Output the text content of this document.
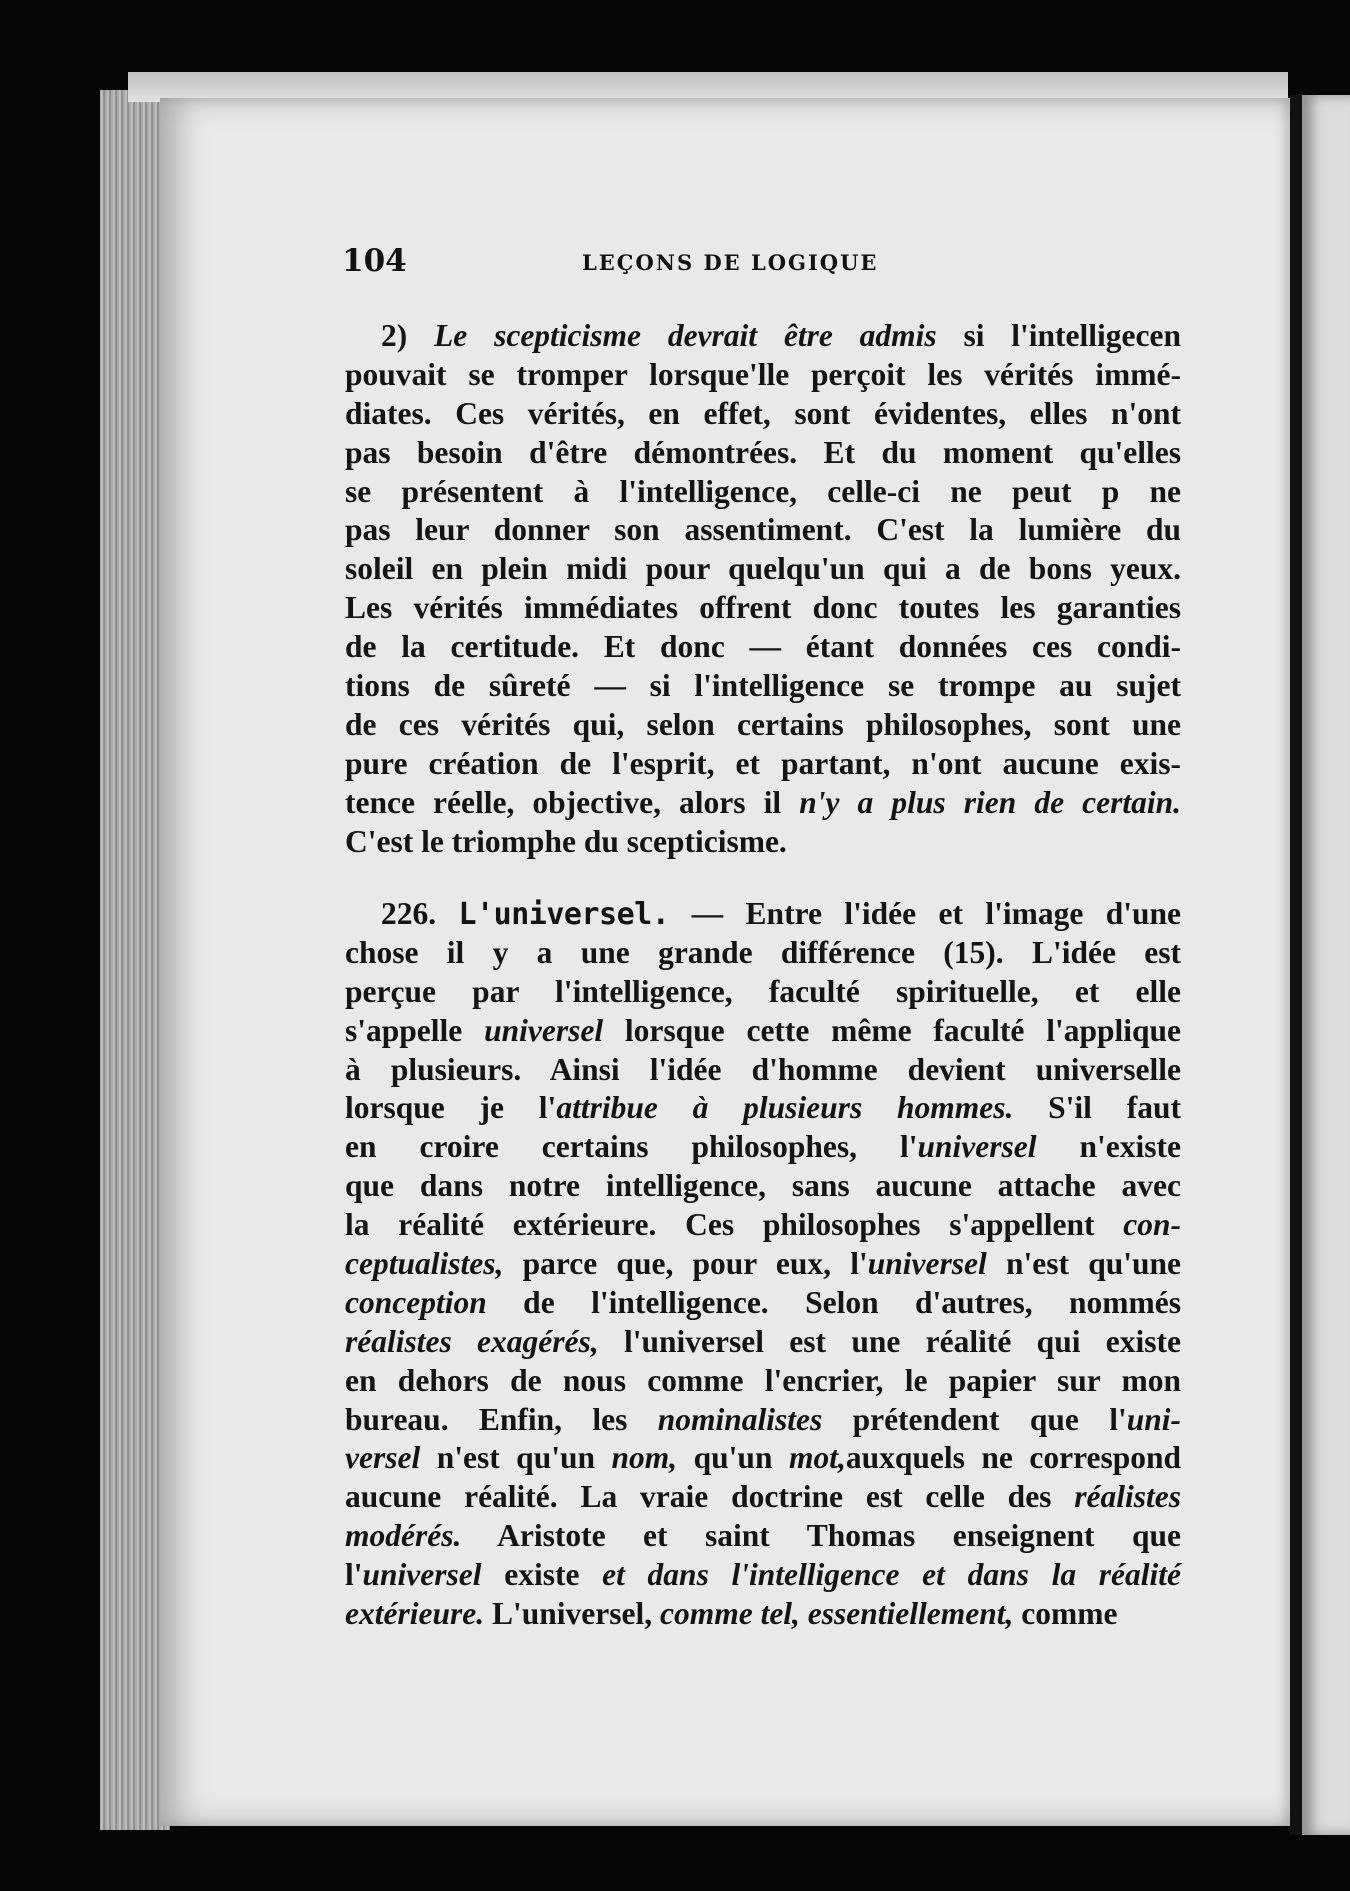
104	LEÇONS DE LOGIQUE
2) Le scepticisme devrait être admis si l'intelligecen
pouvait se tromper lorsque'lle perçoit les vérités immé-
diates. Ces vérités, en effet, sont évidentes, elles n'ont
pas besoin d'être démontrées. Et du moment qu'elles
se présentent à l'intelligence, celle-ci ne peut p ne
pas leur donner son assentiment. C'est la lumière du
soleil en plein midi pour quelqu'un qui a de bons yeux.
Les vérités immédiates offrent donc toutes les garanties
de la certitude. Et donc — étant données ces condi-
tions de sûreté — si l'intelligence se trompe au sujet
de ces vérités qui, selon certains philosophes, sont une
pure création de l'esprit, et partant, n'ont aucune exis-
tence réelle, objective, alors il n'y a plus rien de certain.
C'est le triomphe du scepticisme.
226. L'universel. — Entre l'idée et l'image d'une
chose il y a une grande différence (15). L'idée est
perçue par l'intelligence, faculté spirituelle, et elle
s'appelle universel lorsque cette même faculté l'applique
à plusieurs. Ainsi l'idée d'homme devient universelle
lorsque je l'attribue à plusieurs hommes. S'il faut
en croire certains philosophes, l'universel n'existe
que dans notre intelligence, sans aucune attache avec
la réalité extérieure. Ces philosophes s'appellent con-
ceptualistes, parce que, pour eux, l'universel n'est qu'une
conception de l'intelligence. Selon d'autres, nommés
réalistes exagérés, l'universel est une réalité qui existe
en dehors de nous comme l'encrier, le papier sur mon
bureau. Enfin, les nominalistes prétendent que l'uni-
versel n'est qu'un nom, qu'un mot,auxquels ne correspond
aucune réalité. La vraie doctrine est celle des réalistes
modérés. Aristote et saint Thomas enseignent que
l'universel existe et dans l'intelligence et dans la réalité
extérieure. L'universel, comme tel, essentiellement, comme
